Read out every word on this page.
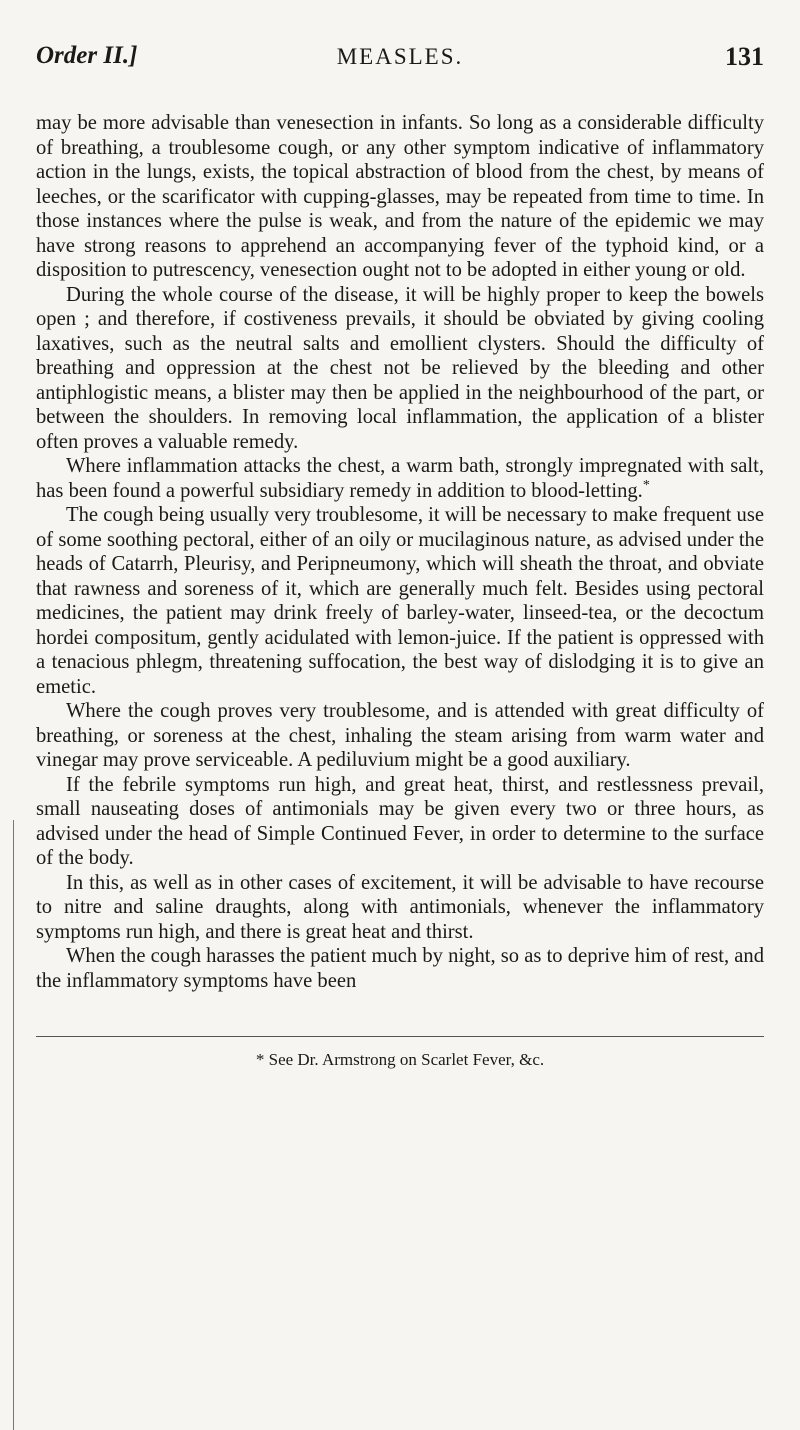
Order II.]	MEASLES.	131

may be more advisable than venesection in infants. So long as a considerable difficulty of breathing, a troublesome cough, or any other symptom indicative of inflammatory action in the lungs, exists, the topical abstraction of blood from the chest, by means of leeches, or the scarificator with cupping-glasses, may be repeated from time to time. In those instances where the pulse is weak, and from the nature of the epidemic we may have strong reasons to apprehend an accompanying fever of the typhoid kind, or a disposition to putrescency, venesection ought not to be adopted in either young or old.

During the whole course of the disease, it will be highly proper to keep the bowels open ; and therefore, if costiveness prevails, it should be obviated by giving cooling laxatives, such as the neutral salts and emollient clysters. Should the difficulty of breathing and oppression at the chest not be relieved by the bleeding and other antiphlogistic means, a blister may then be applied in the neighbourhood of the part, or between the shoulders. In removing local inflammation, the application of a blister often proves a valuable remedy.

Where inflammation attacks the chest, a warm bath, strongly impregnated with salt, has been found a powerful subsidiary remedy in addition to blood-letting.*

The cough being usually very troublesome, it will be necessary to make frequent use of some soothing pectoral, either of an oily or mucilaginous nature, as advised under the heads of Catarrh, Pleurisy, and Peripneumony, which will sheath the throat, and obviate that rawness and soreness of it, which are generally much felt. Besides using pectoral medicines, the patient may drink freely of barley-water, linseed-tea, or the decoctum hordei compositum, gently acidulated with lemon-juice. If the patient is oppressed with a tenacious phlegm, threatening suffocation, the best way of dislodging it is to give an emetic.

Where the cough proves very troublesome, and is attended with great difficulty of breathing, or soreness at the chest, inhaling the steam arising from warm water and vinegar may prove serviceable. A pediluvium might be a good auxiliary.

If the febrile symptoms run high, and great heat, thirst, and restlessness prevail, small nauseating doses of antimonials may be given every two or three hours, as advised under the head of Simple Continued Fever, in order to determine to the surface of the body.

In this, as well as in other cases of excitement, it will be advisable to have recourse to nitre and saline draughts, along with antimonials, whenever the inflammatory symptoms run high, and there is great heat and thirst.

When the cough harasses the patient much by night, so as to deprive him of rest, and the inflammatory symptoms have been

* See Dr. Armstrong on Scarlet Fever, &c.
